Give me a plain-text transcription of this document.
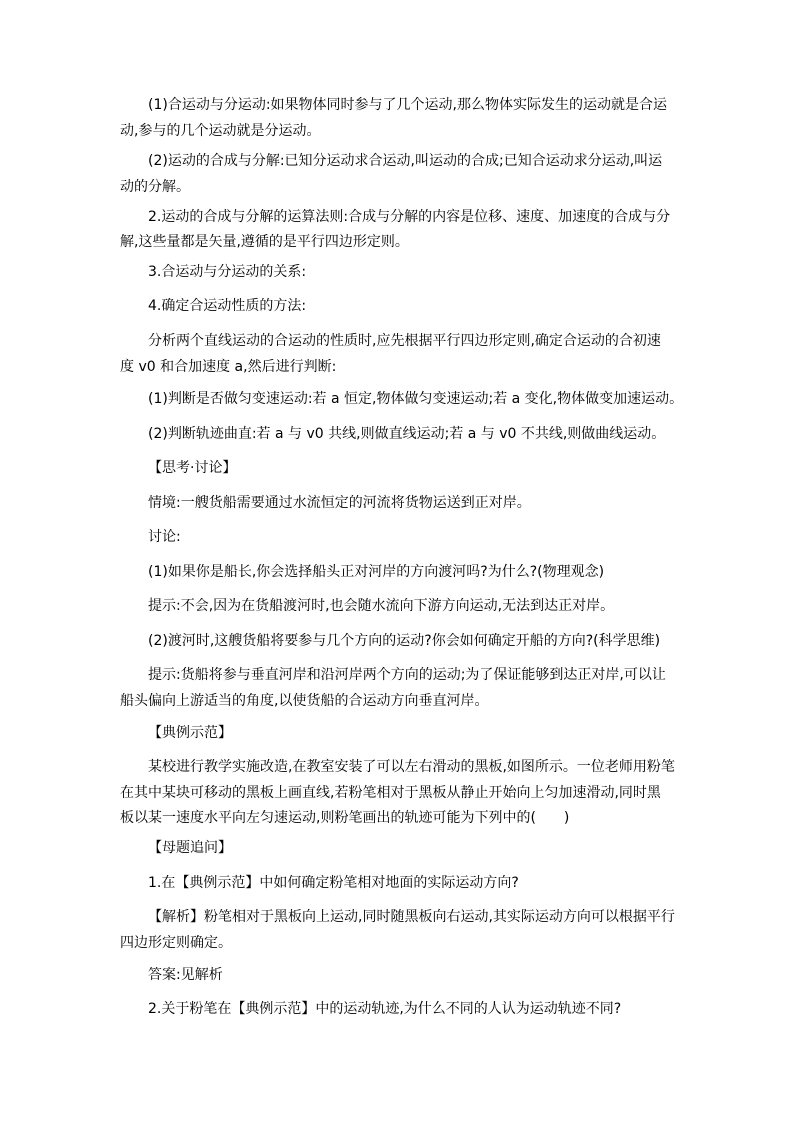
(1)合运动与分运动:如果物体同时参与了几个运动,那么物体实际发生的运动就是合运

动,参与的几个运动就是分运动。

(2)运动的合成与分解:已知分运动求合运动,叫运动的合成;已知合运动求分运动,叫运

动的分解。

2.运动的合成与分解的运算法则:合成与分解的内容是位移、速度、加速度的合成与分

解,这些量都是矢量,遵循的是平行四边形定则。

3.合运动与分运动的关系:

4.确定合运动性质的方法:

分析两个直线运动的合运动的性质时,应先根据平行四边形定则,确定合运动的合初速

度 v0 和合加速度 a,然后进行判断:

(1)判断是否做匀变速运动:若 a 恒定,物体做匀变速运动;若 a 变化,物体做变加速运动。

(2)判断轨迹曲直:若 a 与 v0 共线,则做直线运动;若 a 与 v0 不共线,则做曲线运动。

【思考·讨论】

情境:一艘货船需要通过水流恒定的河流将货物运送到正对岸。

讨论:

(1)如果你是船长,你会选择船头正对河岸的方向渡河吗?为什么?(物理观念)

提示:不会,因为在货船渡河时,也会随水流向下游方向运动,无法到达正对岸。

(2)渡河时,这艘货船将要参与几个方向的运动?你会如何确定开船的方向?(科学思维)

提示:货船将参与垂直河岸和沿河岸两个方向的运动;为了保证能够到达正对岸,可以让

船头偏向上游适当的角度,以使货船的合运动方向垂直河岸。

【典例示范】

某校进行教学实施改造,在教室安装了可以左右滑动的黑板,如图所示。一位老师用粉笔

在其中某块可移动的黑板上画直线,若粉笔相对于黑板从静止开始向上匀加速滑动,同时黑

板以某一速度水平向左匀速运动,则粉笔画出的轨迹可能为下列中的(　　)

【母题追问】

1.在【典例示范】中如何确定粉笔相对地面的实际运动方向?

【解析】粉笔相对于黑板向上运动,同时随黑板向右运动,其实际运动方向可以根据平行

四边形定则确定。

答案:见解析

2.关于粉笔在【典例示范】中的运动轨迹,为什么不同的人认为运动轨迹不同?
